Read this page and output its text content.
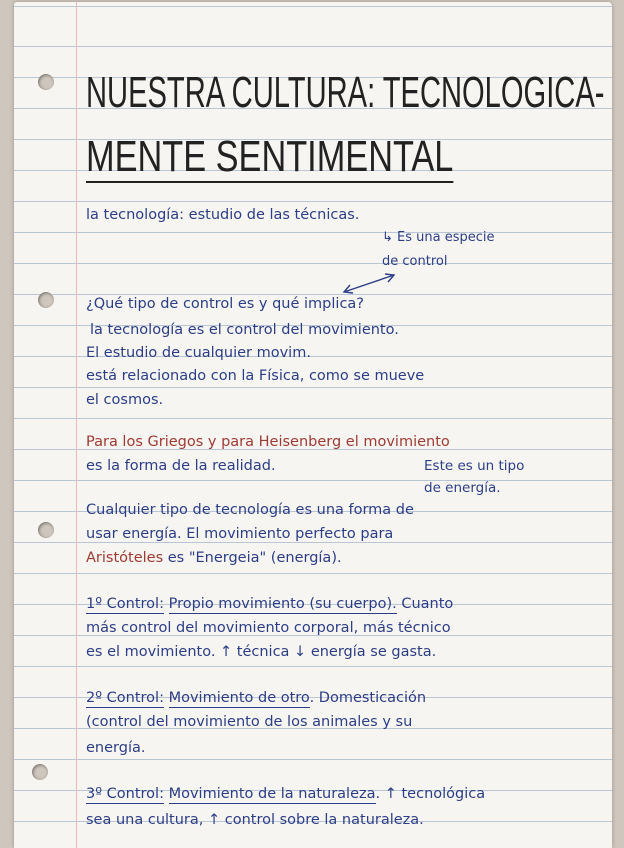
NUESTRA CULTURA: TECNOLOGICA-
MENTE SENTIMENTAL
la tecnología: estudio de las técnicas.
↳ Es una especie
de control
¿Qué tipo de control es y qué implica?
la tecnología es el control del movimiento.
El estudio de cualquier movim.
está relacionado con la Física, como se mueve
el cosmos.
Para los Griegos y para Heisenberg el movimiento
es la forma de la realidad.	Este es un tipo
de energía.
Cualquier tipo de tecnología es una forma de
usar energía. El movimiento perfecto para
Aristóteles es "Energeia" (energía).
1º Control: Propio movimiento (su cuerpo). Cuanto
más control del movimiento corporal, más técnico
es el movimiento. ↑ técnica ↓ energía se gasta.
2º Control: Movimiento de otro. Domesticación
(control del movimiento de los animales y su
energía.
3º Control: Movimiento de la naturaleza. ↑ tecnológica
sea una cultura, ↑ control sobre la naturaleza.
